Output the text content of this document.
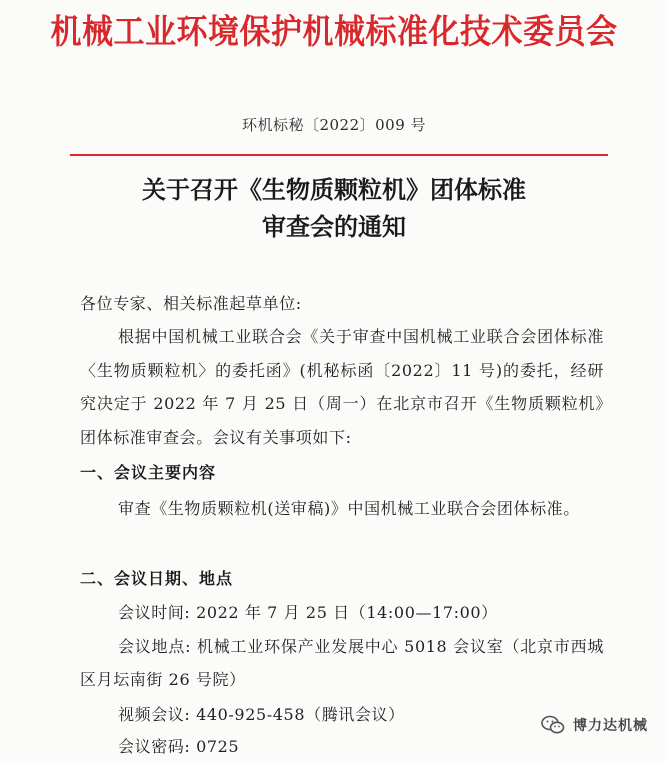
机械工业环境保护机械标准化技术委员会
环机标秘〔2022〕009 号
关于召开《生物质颗粒机》团体标准
审查会的通知
各位专家、相关标准起草单位:
根据中国机械工业联合会《关于审查中国机械工业联合会团体标准〈生物质颗粒机〉的委托函》(机秘标函〔2022〕11 号)的委托，经研究决定于 2022 年 7 月 25 日（周一）在北京市召开《生物质颗粒机》团体标准审查会。会议有关事项如下:
一、会议主要内容
审查《生物质颗粒机(送审稿)》中国机械工业联合会团体标准。
二、会议日期、地点
会议时间: 2022 年 7 月 25 日（14:00—17:00）
会议地点: 机械工业环保产业发展中心 5018 会议室（北京市西城区月坛南街 26 号院）
视频会议: 440-925-458（腾讯会议）
会议密码: 0725
博力达机械
